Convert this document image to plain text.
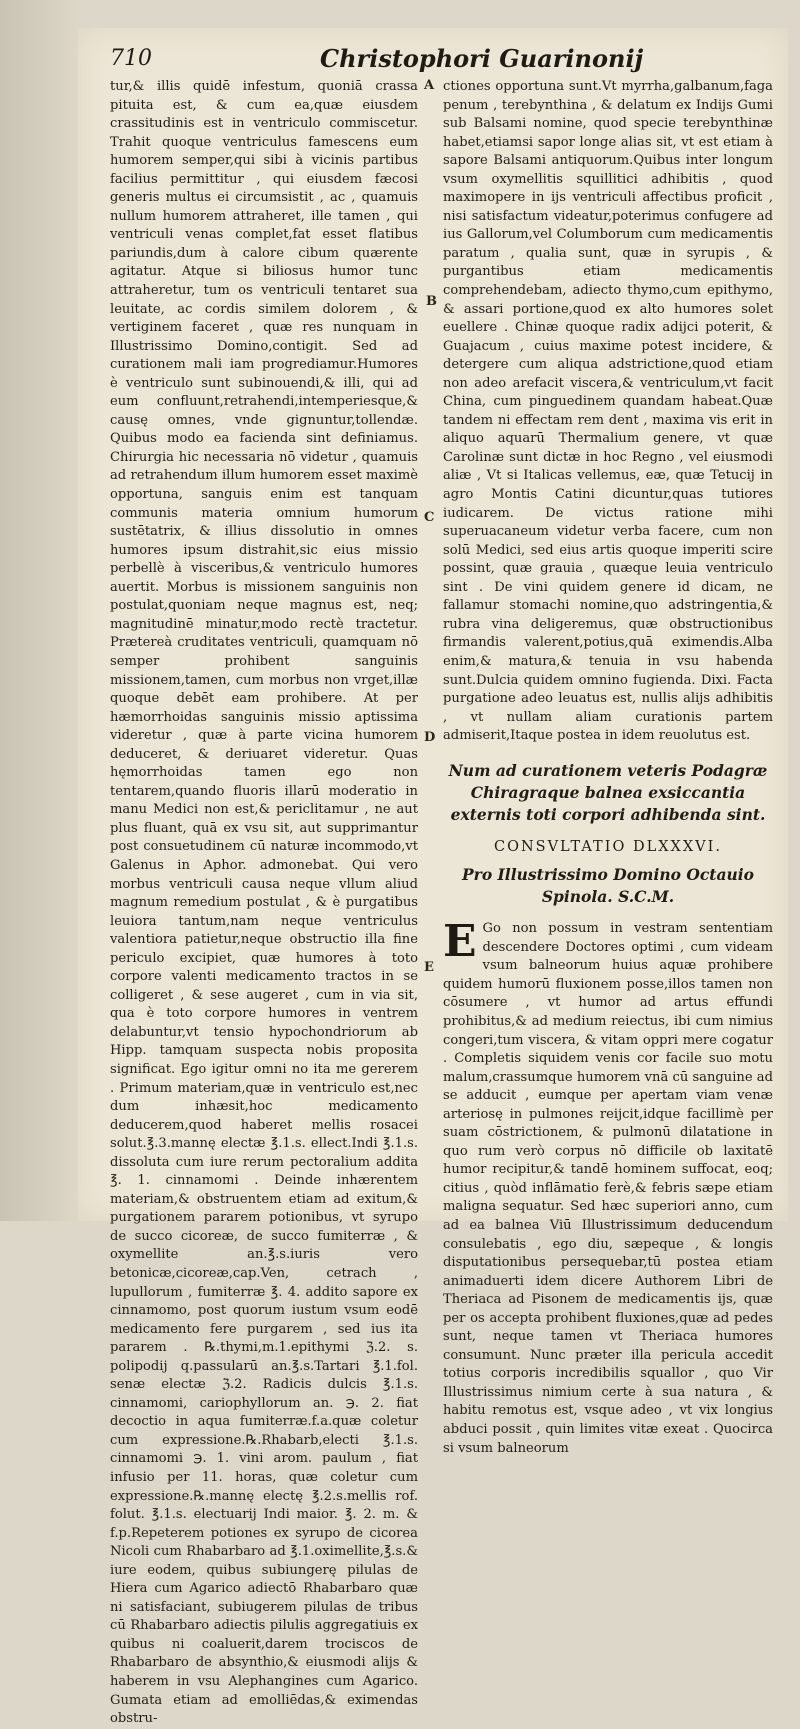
710	Christophori Guarinonij

tur,& illis quidē infestum, quoniā crassa pituita est, & cum ea,quæ eiusdem crassitudinis est in ventriculo commiscetur. Trahit quoque ventriculus famescens eum humorem semper,qui sibi à vicinis partibus facilius permittitur , qui eiusdem fæcosi generis multus ei circumsistit , ac , quamuis nullum humorem attraheret, ille tamen , qui ventriculi venas complet,fat esset flatibus pariundis,dum à calore cibum quærente agitatur. Atque si biliosus humor tunc attraheretur, tum os ventriculi tentaret sua leuitate, ac cordis similem dolorem , & vertiginem faceret , quæ res nunquam in Illustrissimo Domino,contigit. Sed ad curationem mali iam progrediamur.Humores è ventriculo sunt subinouendi,& illi, qui ad eum confluunt,retrahendi,intemperiesque,& causę omnes, vnde gignuntur,tollendæ. Quibus modo ea facienda sint definiamus. Chirurgia hic necessaria nō videtur , quamuis ad retrahendum illum humorem esset maximè opportuna, sanguis enim est tanquam communis materia omnium humorum sustētatrix, & illius dissolutio in omnes humores ipsum distrahit,sic eius missio perbellè à visceribus,& ventriculo humores auertit. Morbus is missionem sanguinis non postulat,quoniam neque magnus est, neq; magnitudinē minatur,modo rectè tractetur. Prætereà cruditates ventriculi, quamquam nō semper prohibent sanguinis missionem,tamen, cum morbus non vrget,illæ quoque debēt eam prohibere. At per hæmorrhoidas sanguinis missio aptissima videretur , quæ à parte vicina humorem deduceret, & deriuaret videretur. Quas hęmorrhoidas tamen ego non tentarem,quando fluoris illarū moderatio in manu Medici non est,& periclitamur , ne aut plus fluant, quā ex vsu sit, aut supprimantur post consuetudinem cū naturæ incommodo,vt Galenus in Aphor. admonebat. Qui vero morbus ventriculi causa neque vllum aliud magnum remedium postulat , & è purgatibus leuiora tantum,nam neque ventriculus valentiora patietur,neque obstructio illa fine periculo excipiet, quæ humores à toto corpore valenti medicamento tractos in se colligeret , & sese augeret , cum in via sit, qua è toto corpore humores in ventrem delabuntur,vt tensio hypochondriorum ab Hipp. tamquam suspecta nobis proposita significat. Ego igitur omni no ita me gererem . Primum materiam,quæ in ventriculo est,nec dum inhæsit,hoc medicamento deducerem,quod haberet mellis rosacei solut.℥.3.mannę electæ ℥.1.s. ellect.Indi ℥.1.s. dissoluta cum iure rerum pectoralium addita ℥. 1. cinnamomi . Deinde inhærentem materiam,& obstruentem etiam ad exitum,& purgationem pararem potionibus, vt syrupo de succo cicoreæ, de succo fumiterræ , & oxymellite an.℥.s.iuris vero betonicæ,cicoreæ,cap.Ven, cetrach , lupullorum , fumiterræ ℥. 4. addito sapore ex cinnamomo, post quorum iustum vsum eodē medicamento fere purgarem , sed ius ita pararem . ℞.thymi,m.1.epithymi ℨ.2. s. polipodij q.passularū an.℥.s.Tartari ℥.1.fol. senæ electæ ℨ.2. Radicis dulcis ℥.1.s. cinnamomi, cariophyllorum an. ℈. 2. fiat decoctio in aqua fumiterræ.f.a.quæ coletur cum expressione.℞.Rhabarb,electi ℥.1.s. cinnamomi ℈. 1. vini arom. paulum , fiat infusio per 11. horas, quæ coletur cum expressione.℞.mannę electę ℥.2.s.mellis rof. folut. ℥.1.s. electuarij Indi maior. ℥. 2. m. & f.p.Repeterem potiones ex syrupo de cicorea Nicoli cum Rhabarbaro ad ℥.1.oximellite,℥.s.& iure eodem, quibus subiungerę pilulas de Hiera cum Agarico adiectō Rhabarbaro quæ ni satisfaciant, subiugerem pilulas de tribus cū Rhabarbaro adiectis pilulis aggregatiuis ex quibus ni coaluerit,darem trociscos de Rhabarbaro de absynthio,& eiusmodi alijs & haberem in vsu Alephangines cum Agarico. Gumata etiam ad emolliēdas,& eximendas obstru-

A
B
C
D
E

ctiones opportuna sunt.Vt myrrha,galbanum,faga penum , terebynthina , & delatum ex Indijs Gumi sub Balsami nomine, quod specie terebynthinæ habet,etiamsi sapor longe alias sit, vt est etiam à sapore Balsami antiquorum.Quibus inter longum vsum oxymellitis squillitici adhibitis , quod maximopere in ijs ventriculi affectibus proficit , nisi satisfactum videatur,poterimus confugere ad ius Gallorum,vel Columborum cum medicamentis paratum , qualia sunt, quæ in syrupis , & purgantibus etiam medicamentis comprehendebam, adiecto thymo,cum epithymo, & assari portione,quod ex alto humores solet euellere . Chinæ quoque radix adijci poterit, & Guajacum , cuius maxime potest incidere, & detergere cum aliqua adstrictione,quod etiam non adeo arefacit viscera,& ventriculum,vt facit China, cum pinguedinem quandam habeat.Quæ tandem ni effectam rem dent , maxima vis erit in aliquo aquarū Thermalium genere, vt quæ Carolinæ sunt dictæ in hoc Regno , vel eiusmodi aliæ , Vt si Italicas vellemus, eæ, quæ Tetucij in agro Montis Catini dicuntur,quas tutiores iudicarem. De victus ratione mihi superuacaneum videtur verba facere, cum non solū Medici, sed eius artis quoque imperiti scire possint, quæ grauia , quæque leuia ventriculo sint . De vini quidem genere id dicam, ne fallamur stomachi nomine,quo adstringentia,& rubra vina deligeremus, quæ obstructionibus firmandis valerent,potius,quā eximendis.Alba enim,& matura,& tenuia in vsu habenda sunt.Dulcia quidem omnino fugienda. Dixi. Facta purgatione adeo leuatus est, nullis alijs adhibitis , vt nullam aliam curationis partem admiserit,Itaque postea in idem reuolutus est.

Num ad curationem veteris Podagræ Chiragraque balnea exsiccantia externis toti corpori adhibenda sint.

CONSVLTATIO DLXXXVI.

Pro Illustrissimo Domino Octauio Spinola. S.C.M.

E Go non possum in vestram sententiam descendere Doctores optimi , cum videam vsum balneorum huius aquæ prohibere quidem humorū fluxionem posse,illos tamen non cōsumere , vt humor ad artus effundi prohibitus,& ad medium reiectus, ibi cum nimius congeri,tum viscera, & vitam oppri mere cogatur . Completis siquidem venis cor facile suo motu malum,crassumque humorem vnā cū sanguine ad se adducit , eumque per apertam viam venæ arteriosę in pulmones reijcit,idque facillimè per suam cōstrictionem, & pulmonū dilatatione in quo rum verò corpus nō difficile ob laxitatē humor recipitur,& tandē hominem suffocat, eoq; citius , quòd inflāmatio ferè,& febris sæpe etiam maligna sequatur. Sed hæc superiori anno, cum ad ea balnea Viū Illustrissimum deducendum consulebatis , ego diu, sæpeque , & longis disputationibus persequebar,tū postea etiam animaduerti idem dicere Authorem Libri de Theriaca ad Pisonem de medicamentis ijs, quæ per os accepta prohibent fluxiones,quæ ad pedes sunt, neque tamen vt Theriaca humores consumunt. Nunc præter illa pericula accedit totius corporis incredibilis squallor , quo Vir Illustrissimus nimium certe à sua natura , & habitu remotus est, vsque adeo , vt vix longius abduci possit , quin limites vitæ exeat . Quocirca si vsum balneorum
